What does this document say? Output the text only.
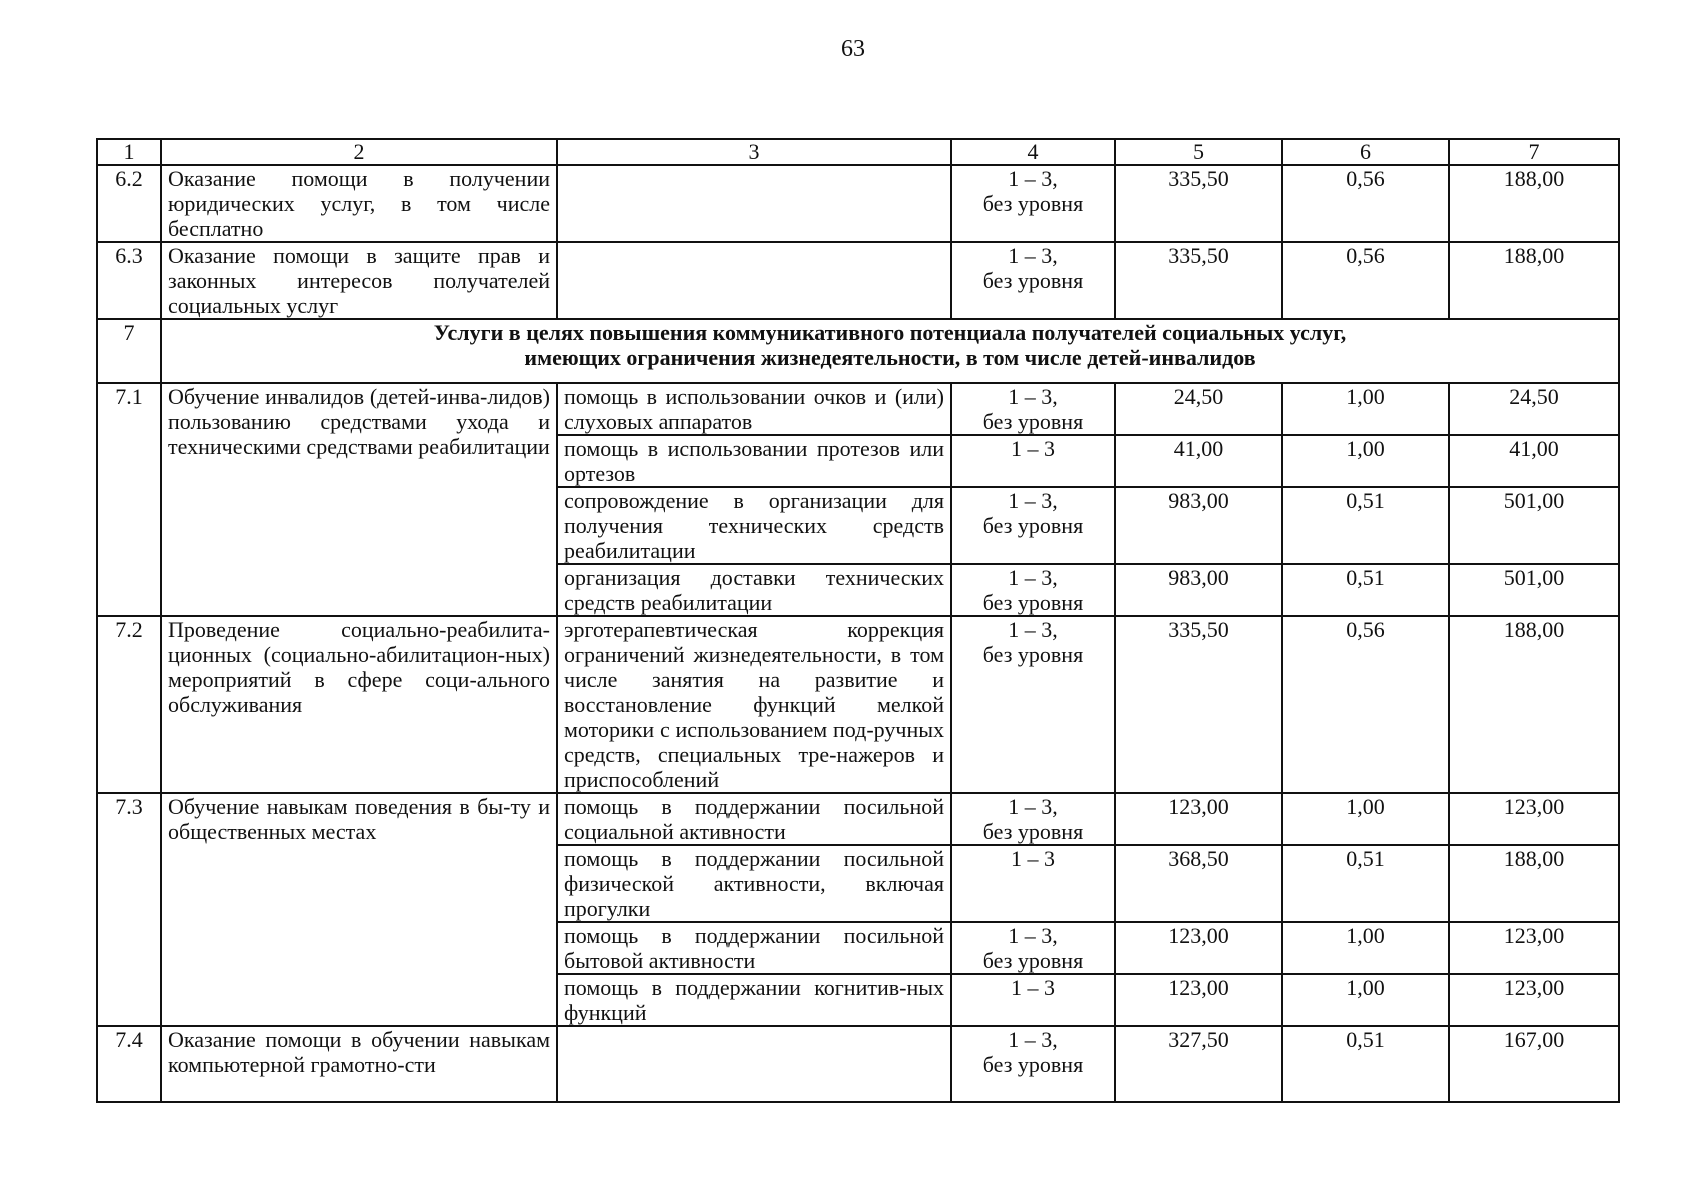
63
1	2	3	4	5	6	7
6.2	Оказание помощи в получении юридических услуг, в том числе бесплатно		1 – 3,
без уровня	335,50	0,56	188,00
6.3	Оказание помощи в защите прав и законных интересов получателей социальных услуг		1 – 3,
без уровня	335,50	0,56	188,00
7	Услуги в целях повышения коммуникативного потенциала получателей социальных услуг,
имеющих ограничения жизнедеятельности, в том числе детей-инвалидов					
7.1	Обучение инвалидов (детей-инва-лидов) пользованию средствами ухода и техническими средствами реабилитации	помощь в использовании очков и (или) слуховых аппаратов	1 – 3,
без уровня	24,50	1,00	24,50
		помощь в использовании протезов или ортезов	1 – 3	41,00	1,00	41,00
		сопровождение в организации для получения технических средств реабилитации	1 – 3,
без уровня	983,00	0,51	501,00
		организация доставки технических средств реабилитации	1 – 3,
без уровня	983,00	0,51	501,00
7.2	Проведение социально-реабилита-ционных (социально-абилитацион-ных) мероприятий в сфере соци-ального обслуживания	эрготерапевтическая коррекция ограничений жизнедеятельности, в том числе занятия на развитие и восстановление функций мелкой моторики с использованием под-ручных средств, специальных тре-нажеров и приспособлений	1 – 3,
без уровня	335,50	0,56	188,00
7.3	Обучение навыкам поведения в бы-ту и общественных местах	помощь в поддержании посильной социальной активности	1 – 3,
без уровня	123,00	1,00	123,00
		помощь в поддержании посильной физической активности, включая прогулки	1 – 3	368,50	0,51	188,00
		помощь в поддержании посильной бытовой активности	1 – 3,
без уровня	123,00	1,00	123,00
		помощь в поддержании когнитив-ных функций	1 – 3	123,00	1,00	123,00
7.4	Оказание помощи в обучении навыкам компьютерной грамотно-сти		1 – 3,
без уровня	327,50	0,51	167,00
